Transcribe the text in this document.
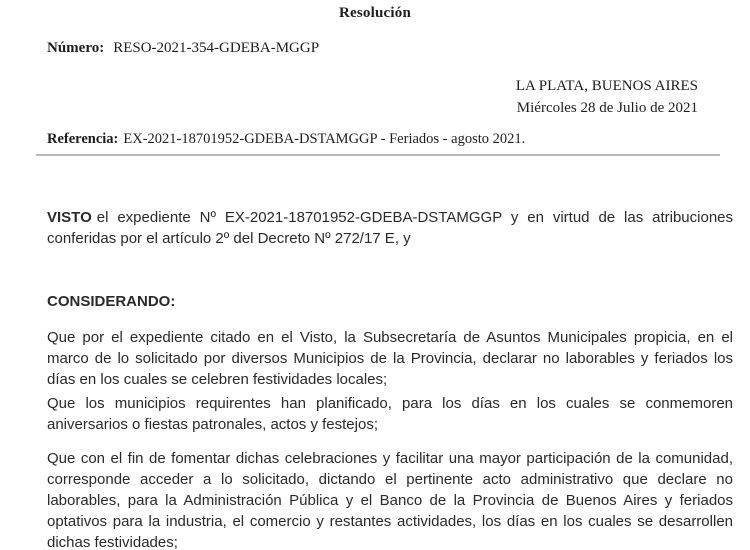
Resolución
Número: RESO-2021-354-GDEBA-MGGP
LA PLATA, BUENOS AIRES
Miércoles 28 de Julio de 2021
Referencia: EX-2021-18701952-GDEBA-DSTAMGGP - Feriados - agosto 2021.

VISTO el expediente Nº EX-2021-18701952-GDEBA-DSTAMGGP y en virtud de las atribuciones conferidas por el artículo 2º del Decreto Nº 272/17 E, y

CONSIDERANDO:

Que por el expediente citado en el Visto, la Subsecretaría de Asuntos Municipales propicia, en el marco de lo solicitado por diversos Municipios de la Provincia, declarar no laborables y feriados los días en los cuales se celebren festividades locales;

Que los municipios requirentes han planificado, para los días en los cuales se conmemoren aniversarios o fiestas patronales, actos y festejos;

Que con el fin de fomentar dichas celebraciones y facilitar una mayor participación de la comunidad, corresponde acceder a lo solicitado, dictando el pertinente acto administrativo que declare no laborables, para la Administración Pública y el Banco de la Provincia de Buenos Aires y feriados optativos para la industria, el comercio y restantes actividades, los días en los cuales se desarrollen dichas festividades;
